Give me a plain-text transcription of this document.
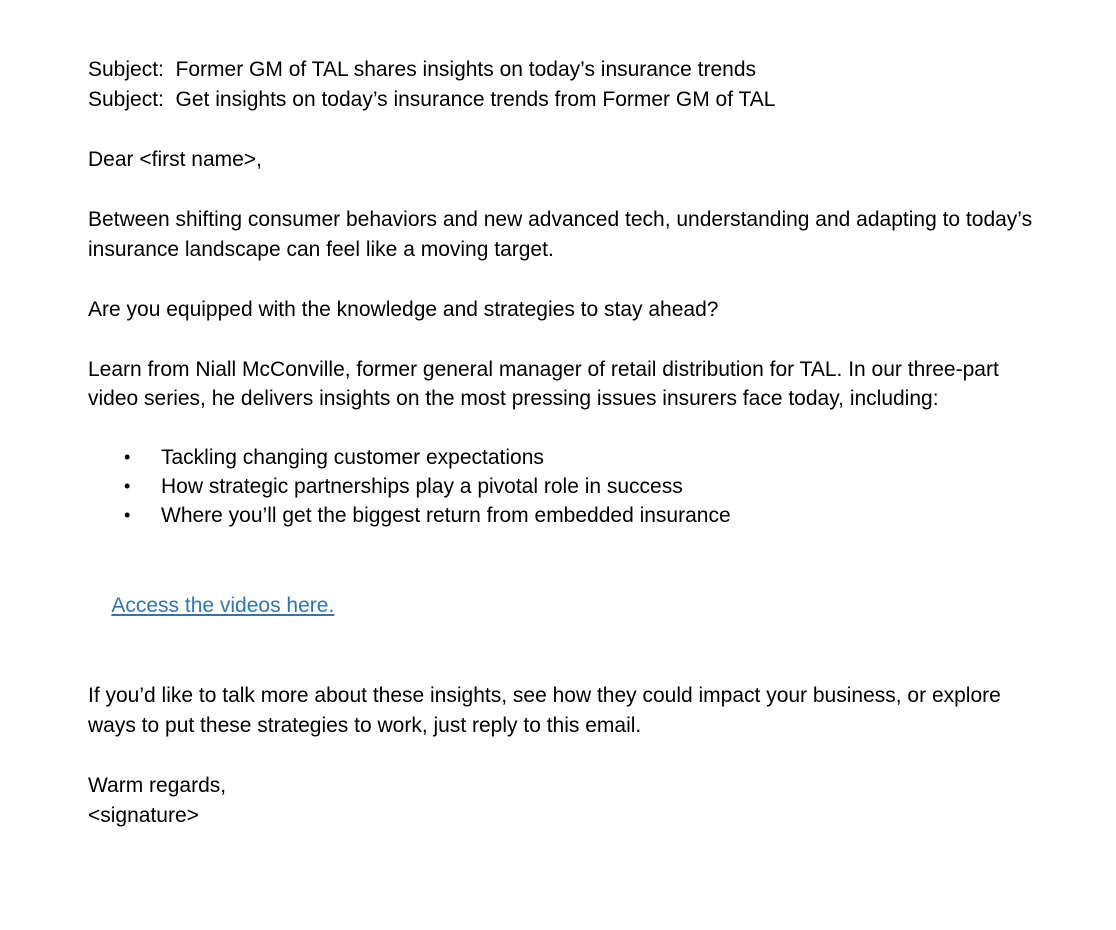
Subject:  Former GM of TAL shares insights on today’s insurance trends

Subject:  Get insights on today’s insurance trends from Former GM of TAL

Dear <first name>,

Between shifting consumer behaviors and new advanced tech, understanding and adapting to today’s insurance landscape can feel like a moving target.

Are you equipped with the knowledge and strategies to stay ahead?

Learn from Niall McConville, former general manager of retail distribution for TAL. In our three-part video series, he delivers insights on the most pressing issues insurers face today, including:

• Tackling changing customer expectations
• How strategic partnerships play a pivotal role in success
• Where you’ll get the biggest return from embedded insurance

Access the videos here.

If you’d like to talk more about these insights, see how they could impact your business, or explore ways to put these strategies to work, just reply to this email.

Warm regards,

<signature>
